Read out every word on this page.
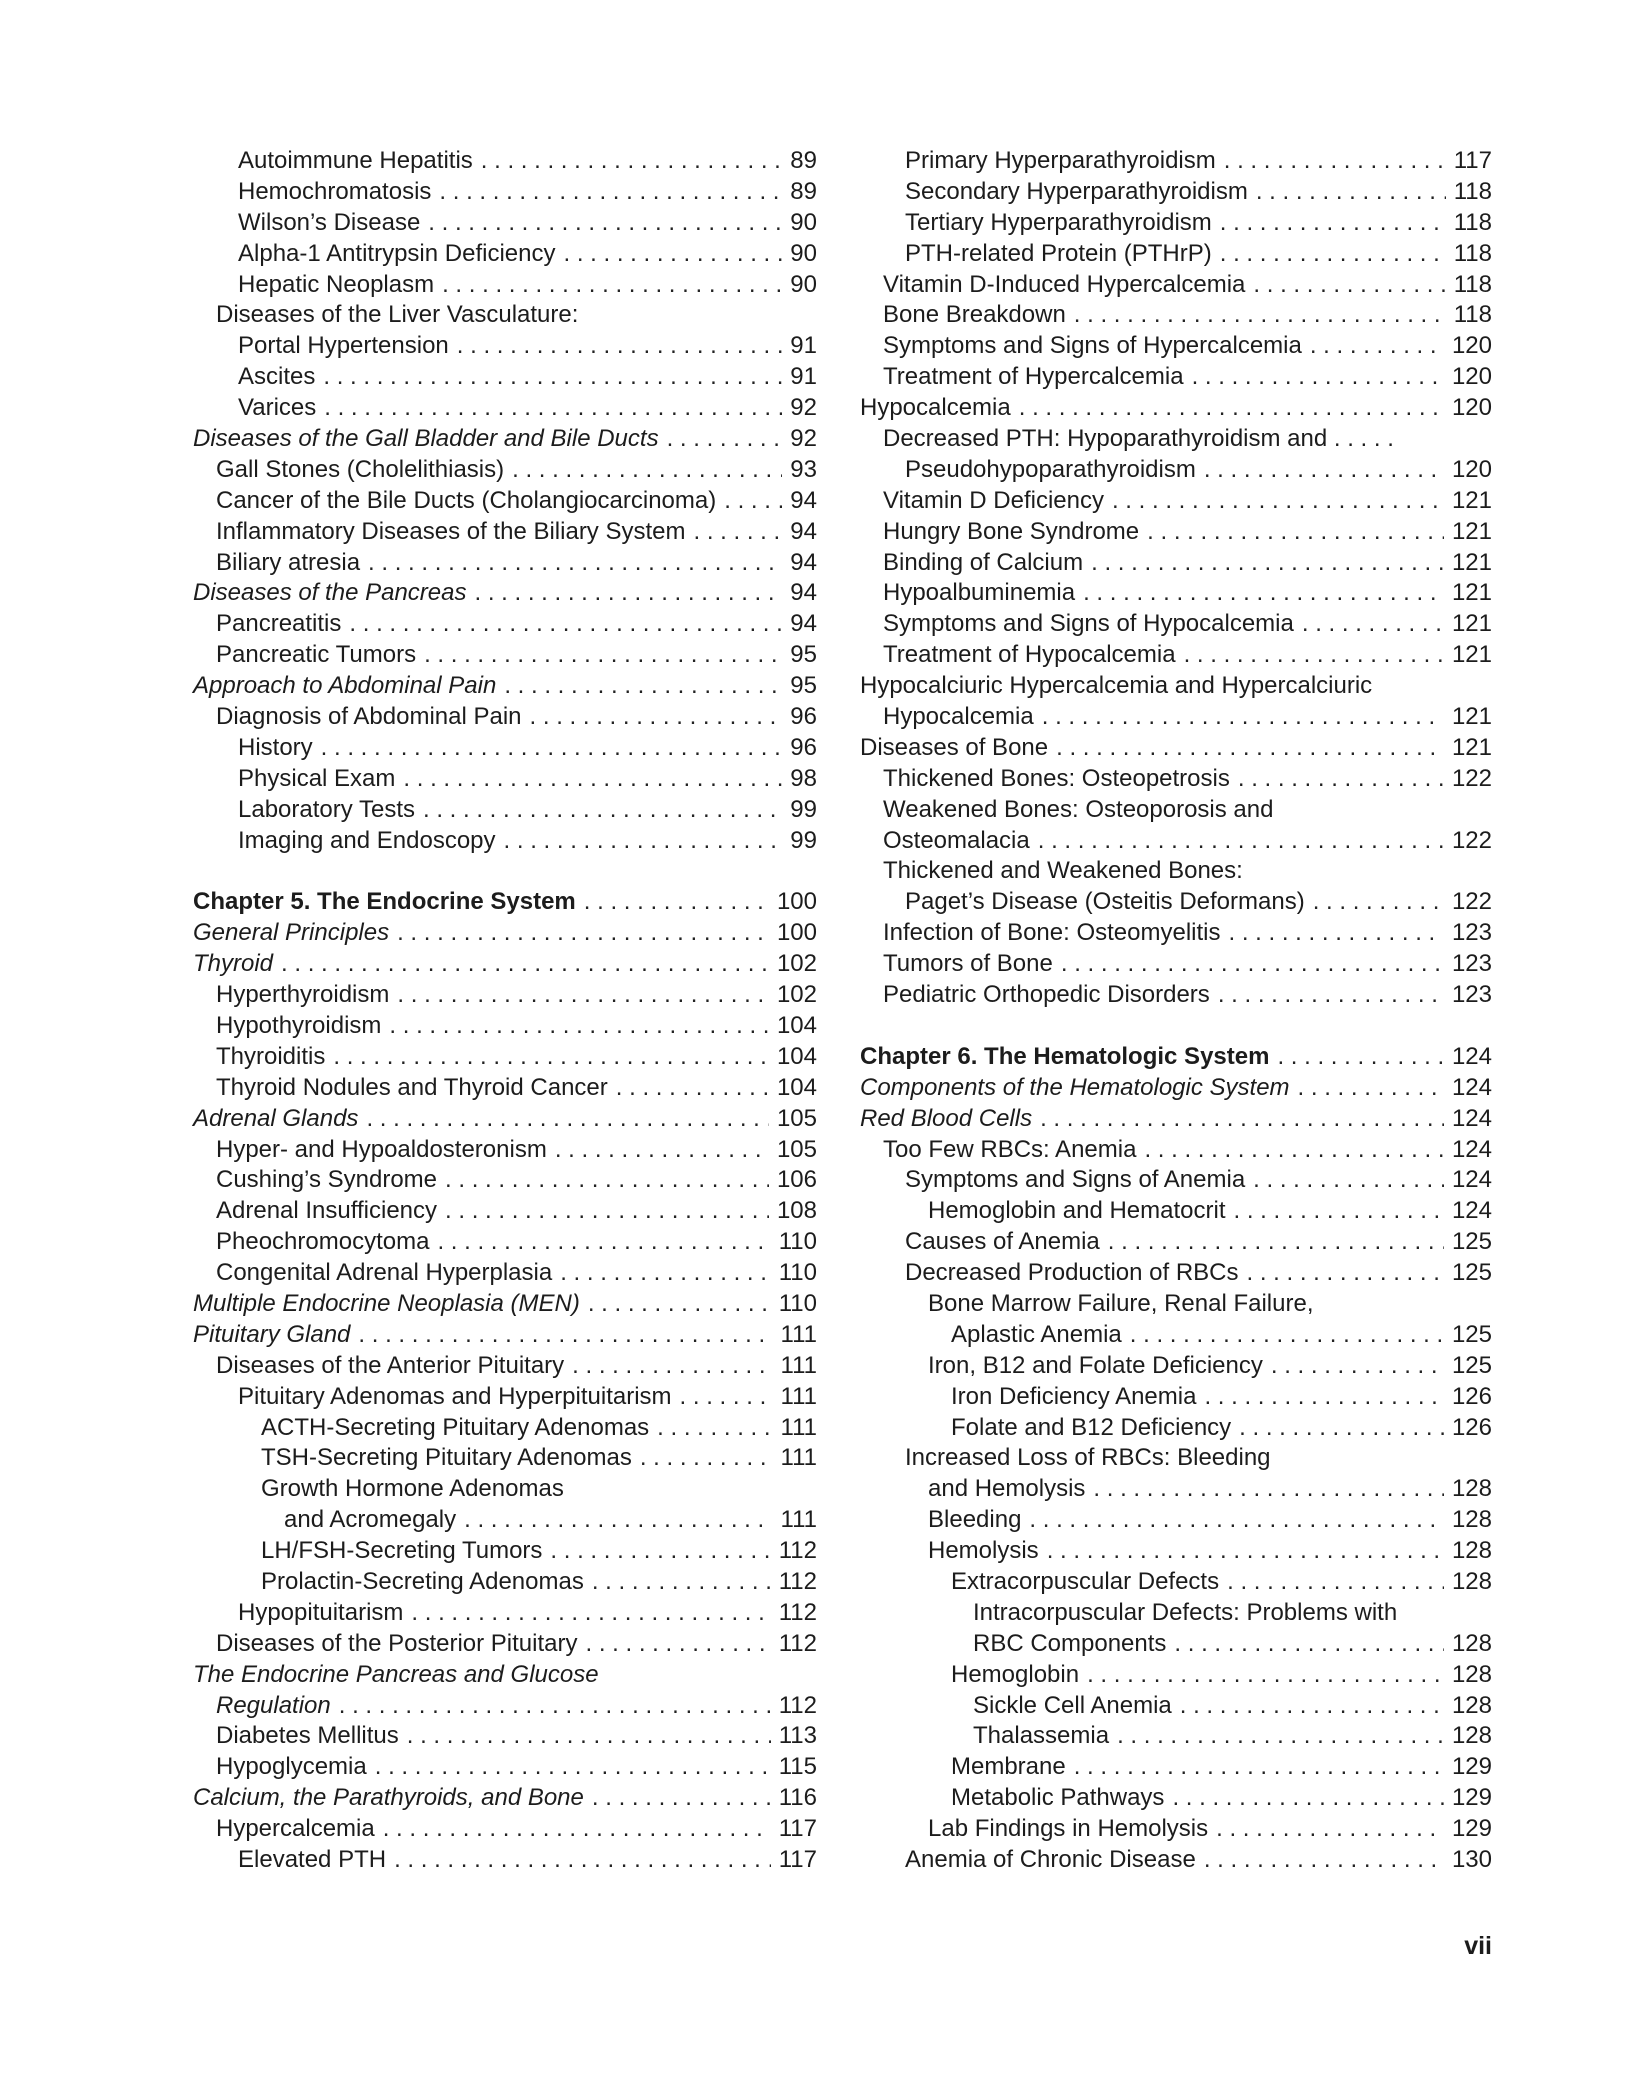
Autoimmune Hepatitis . . .	89
Hemochromatosis . . .	89
Wilson’s Disease . . .	90
Alpha-1 Antitrypsin Deficiency . . .	90
Hepatic Neoplasm . . .	90
Diseases of the Liver Vasculature:
Portal Hypertension . . .	91
Ascites . . .	91
Varices . . .	92
Diseases of the Gall Bladder and Bile Ducts . . .	92
Gall Stones (Cholelithiasis) . . .	93
Cancer of the Bile Ducts (Cholangiocarcinoma) . . .	94
Inflammatory Diseases of the Biliary System . . .	94
Biliary atresia . . .	94
Diseases of the Pancreas . . .	94
Pancreatitis . . .	94
Pancreatic Tumors . . .	95
Approach to Abdominal Pain . . .	95
Diagnosis of Abdominal Pain . . .	96
History . . .	96
Physical Exam . . .	98
Laboratory Tests . . .	99
Imaging and Endoscopy . . .	99
Chapter 5. The Endocrine System . . .	100
General Principles . . .	100
Thyroid . . .	102
Hyperthyroidism . . .	102
Hypothyroidism . . .	104
Thyroiditis . . .	104
Thyroid Nodules and Thyroid Cancer . . .	104
Adrenal Glands . . .	105
Hyper- and Hypoaldosteronism . . .	105
Cushing’s Syndrome . . .	106
Adrenal Insufficiency . . .	108
Pheochromocytoma . . .	110
Congenital Adrenal Hyperplasia . . .	110
Multiple Endocrine Neoplasia (MEN) . . .	110
Pituitary Gland . . .	111
Diseases of the Anterior Pituitary . . .	111
Pituitary Adenomas and Hyperpituitarism . . .	111
ACTH-Secreting Pituitary Adenomas . . .	111
TSH-Secreting Pituitary Adenomas . . .	111
Growth Hormone Adenomas
and Acromegaly . . .	111
LH/FSH-Secreting Tumors . . .	112
Prolactin-Secreting Adenomas . . .	112
Hypopituitarism . . .	112
Diseases of the Posterior Pituitary . . .	112
The Endocrine Pancreas and Glucose
Regulation . . .	112
Diabetes Mellitus . . .	113
Hypoglycemia . . .	115
Calcium, the Parathyroids, and Bone . . .	116
Hypercalcemia . . .	117
Elevated PTH . . .	117
Primary Hyperparathyroidism . . .	117
Secondary Hyperparathyroidism . . .	118
Tertiary Hyperparathyroidism . . .	118
PTH-related Protein (PTHrP) . . .	118
Vitamin D-Induced Hypercalcemia . . .	118
Bone Breakdown . . .	118
Symptoms and Signs of Hypercalcemia . . .	120
Treatment of Hypercalcemia . . .	120
Hypocalcemia . . .	120
Decreased PTH: Hypoparathyroidism and . . . . .
Pseudohypoparathyroidism . . .	120
Vitamin D Deficiency . . .	121
Hungry Bone Syndrome . . .	121
Binding of Calcium . . .	121
Hypoalbuminemia . . .	121
Symptoms and Signs of Hypocalcemia . . .	121
Treatment of Hypocalcemia . . .	121
Hypocalciuric Hypercalcemia and Hypercalciuric
Hypocalcemia . . .	121
Diseases of Bone . . .	121
Thickened Bones: Osteopetrosis . . .	122
Weakened Bones: Osteoporosis and
Osteomalacia . . .	122
Thickened and Weakened Bones:
Paget’s Disease (Osteitis Deformans) . . .	122
Infection of Bone: Osteomyelitis . . .	123
Tumors of Bone . . .	123
Pediatric Orthopedic Disorders . . .	123
Chapter 6. The Hematologic System . . .	124
Components of the Hematologic System . . .	124
Red Blood Cells . . .	124
Too Few RBCs: Anemia . . .	124
Symptoms and Signs of Anemia . . .	124
Hemoglobin and Hematocrit . . .	124
Causes of Anemia . . .	125
Decreased Production of RBCs . . .	125
Bone Marrow Failure, Renal Failure,
Aplastic Anemia . . .	125
Iron, B12 and Folate Deficiency . . .	125
Iron Deficiency Anemia . . .	126
Folate and B12 Deficiency . . .	126
Increased Loss of RBCs: Bleeding
and Hemolysis . . .	128
Bleeding . . .	128
Hemolysis . . .	128
Extracorpuscular Defects . . .	128
Intracorpuscular Defects: Problems with
RBC Components . . .	128
Hemoglobin . . .	128
Sickle Cell Anemia . . .	128
Thalassemia . . .	128
Membrane . . .	129
Metabolic Pathways . . .	129
Lab Findings in Hemolysis . . .	129
Anemia of Chronic Disease . . .	130
vii
